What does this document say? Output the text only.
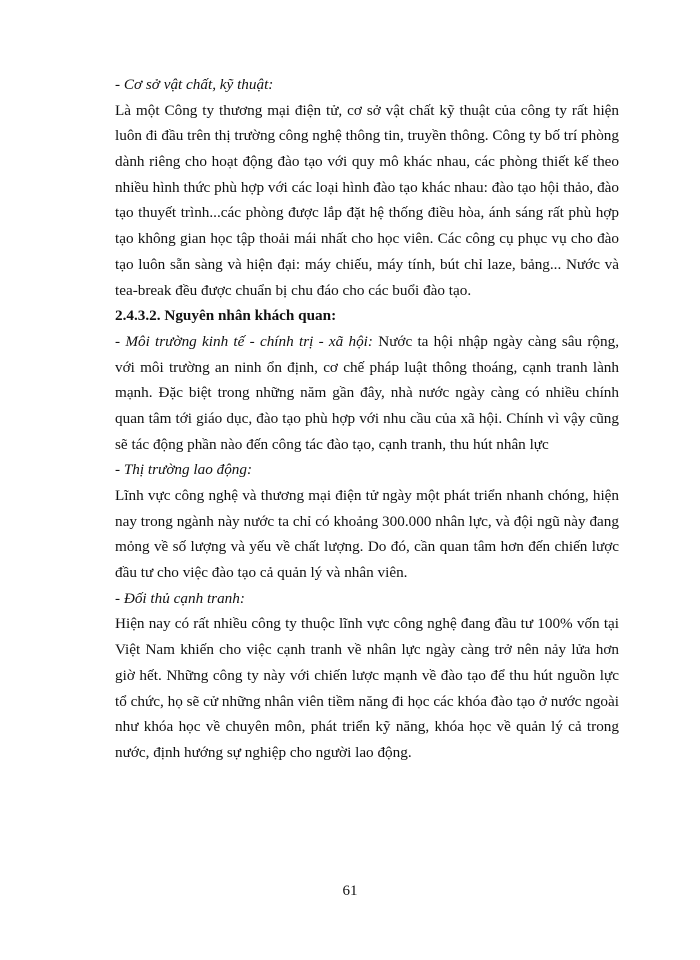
- Cơ sở vật chất, kỹ thuật:
Là một Công ty thương mại điện tử, cơ sở vật chất kỹ thuật của công ty rất hiện
luôn đi đầu trên thị trường công nghệ thông tin, truyền thông. Công ty bố trí phòng
dành riêng cho hoạt động đào tạo với quy mô khác nhau, các phòng thiết kế theo
nhiều hình thức phù hợp với các loại hình đào tạo khác nhau: đào tạo hội thảo, đào
tạo thuyết trình...các phòng được lắp đặt hệ thống điều hòa, ánh sáng rất phù hợp
tạo không gian học tập thoải mái nhất cho học viên. Các công cụ phục vụ cho đào
tạo luôn sẵn sàng và hiện đại: máy chiếu, máy tính, bút chỉ laze, bảng... Nước và
tea-break đều được chuẩn bị chu đáo cho các buổi đào tạo.
2.4.3.2. Nguyên nhân khách quan:
- Môi trường kinh tế - chính trị - xã hội: Nước ta hội nhập ngày càng sâu rộng,
với môi trường an ninh ổn định, cơ chế pháp luật thông thoáng, cạnh tranh lành
mạnh. Đặc biệt trong những năm gần đây, nhà nước ngày càng có nhiều chính
quan tâm tới giáo dục, đào tạo phù hợp với nhu cầu của xã hội. Chính vì vậy cũng
sẽ tác động phần nào đến công tác đào tạo, cạnh tranh, thu hút nhân lực
- Thị trường lao động:
Lĩnh vực công nghệ và thương mại điện tử ngày một phát triển nhanh chóng, hiện
nay trong ngành này nước ta chỉ có khoảng 300.000 nhân lực, và đội ngũ này đang
mỏng về số lượng và yếu về chất lượng. Do đó, cần quan tâm hơn đến chiến lược
đầu tư cho việc đào tạo cả quản lý và nhân viên.
- Đối thủ cạnh tranh:
Hiện nay có rất nhiều công ty thuộc lĩnh vực công nghệ đang đầu tư 100% vốn tại
Việt Nam khiến cho việc cạnh tranh về nhân lực ngày càng trở nên nảy lửa hơn
giờ hết. Những công ty này với chiến lược mạnh về đào tạo để thu hút nguồn lực
tổ chức, họ sẽ cử những nhân viên tiềm năng đi học các khóa đào tạo ở nước ngoài
như khóa học về chuyên môn, phát triển kỹ năng, khóa học về quản lý cả trong
nước, định hướng sự nghiệp cho người lao động.
61
